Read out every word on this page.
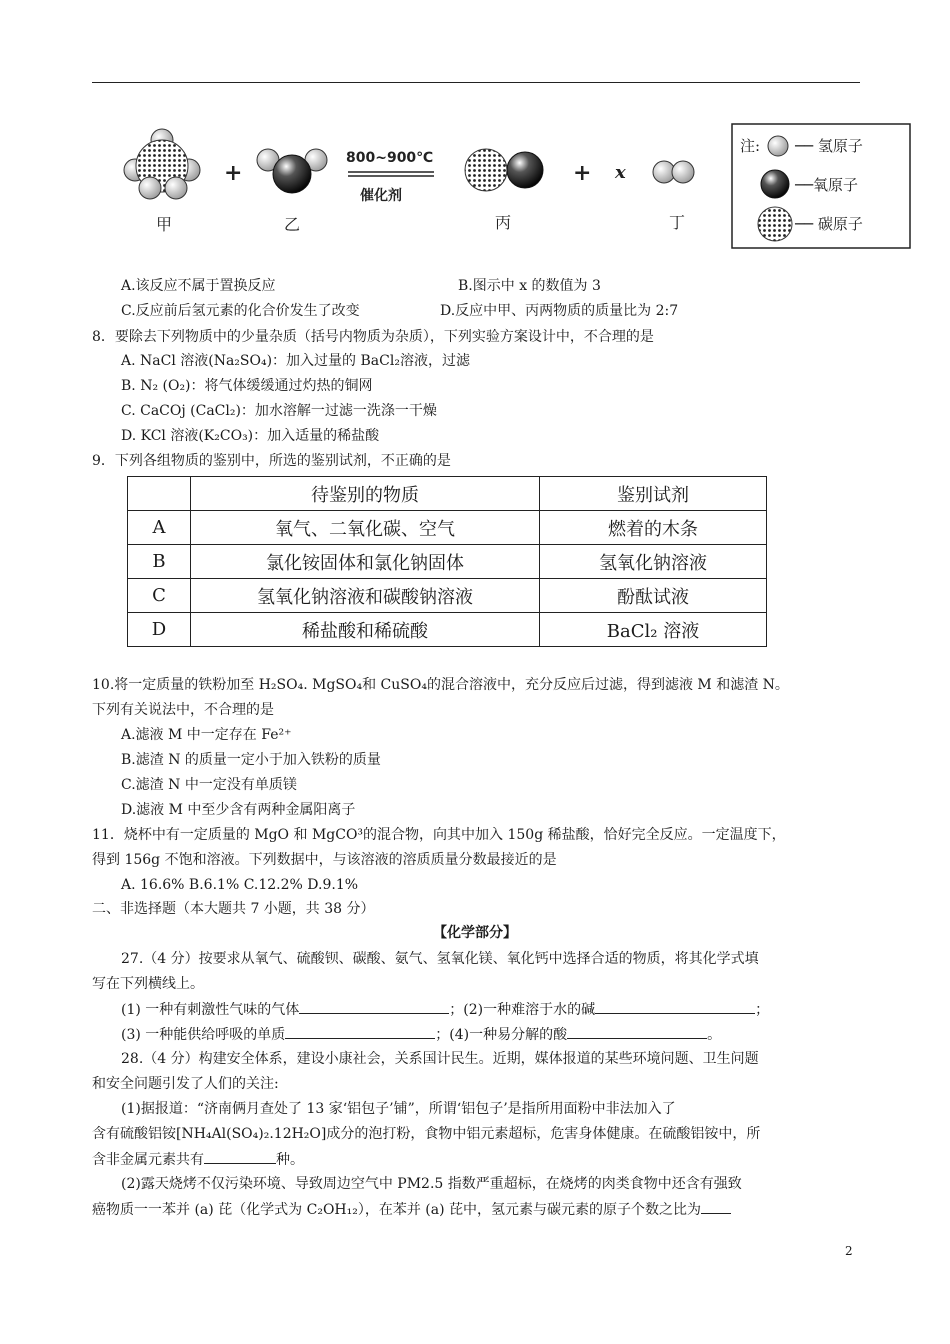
甲
+
乙
800~900℃
催化剂
丙
+ x
丁
注: ── 氢原子
──氧原子
── 碳原子
A.该反应不属于置换反应	B.图示中 x 的数值为 3
C.反应前后氢元素的化合价发生了改变	D.反应中甲、丙两物质的质量比为 2:7
8．要除去下列物质中的少量杂质（括号内物质为杂质），下列实验方案设计中，不合理的是
A. NaCl 溶液(Na₂SO₄)：加入过量的 BaCl₂溶液，过滤
B. N₂ (O₂)：将气体缓缓通过灼热的铜网
C. CaCOj (CaCl₂)：加水溶解一过滤一洗涤一干燥
D. KCl 溶液(K₂CO₃)：加入适量的稀盐酸
9．下列各组物质的鉴别中，所选的鉴别试剂，不正确的是
	待鉴别的物质	鉴别试剂
A	氧气、二氧化碳、空气	燃着的木条
B	氯化铵固体和氯化钠固体	氢氧化钠溶液
C	氢氧化钠溶液和碳酸钠溶液	酚酞试液
D	稀盐酸和稀硫酸	BaCl₂ 溶液
10.将一定质量的铁粉加至 H₂SO₄. MgSO₄和 CuSO₄的混合溶液中，充分反应后过滤，得到滤液 M 和滤渣 N。
下列有关说法中，不合理的是
A.滤液 M 中一定存在 Fe²⁺
B.滤渣 N 的质量一定小于加入铁粉的质量
C.滤渣 N 中一定没有单质镁
D.滤液 M 中至少含有两种金属阳离子
11．烧杯中有一定质量的 MgO 和 MgCO³的混合物，向其中加入 150g 稀盐酸，恰好完全反应。一定温度下，
得到 156g 不饱和溶液。下列数据中，与该溶液的溶质质量分数最接近的是
A. 16.6% B.6.1% C.12.2% D.9.1%
二、非选择题（本大题共 7 小题，共 38 分）
【化学部分】
27.（4 分）按要求从氧气、硫酸钡、碳酸、氨气、氢氧化镁、氧化钙中选择合适的物质，将其化学式填
写在下列横线上。
(1) 一种有刺激性气味的气体	；(2)一种难溶于水的碱	；
(3) 一种能供给呼吸的单质	；(4)一种易分解的酸	。
28.（4 分）构建安全体系，建设小康社会，关系国计民生。近期，媒体报道的某些环境问题、卫生问题
和安全问题引发了人们的关注:
(1)据报道：“济南俩月查处了 13 家‘铝包子’铺”，所谓‘铝包子’是指所用面粉中非法加入了
含有硫酸铝铵[NH₄Al(SO₄)₂.12H₂O]成分的泡打粉，食物中铝元素超标，危害身体健康。在硫酸铝铵中，所
含非金属元素共有	种。
(2)露天烧烤不仅污染环境、导致周边空气中 PM2.5 指数严重超标，在烧烤的肉类食物中还含有强致
癌物质一一苯并 (a) 芘（化学式为 C₂OH₁₂），在苯并 (a) 芘中，氢元素与碳元素的原子个数之比为
2
